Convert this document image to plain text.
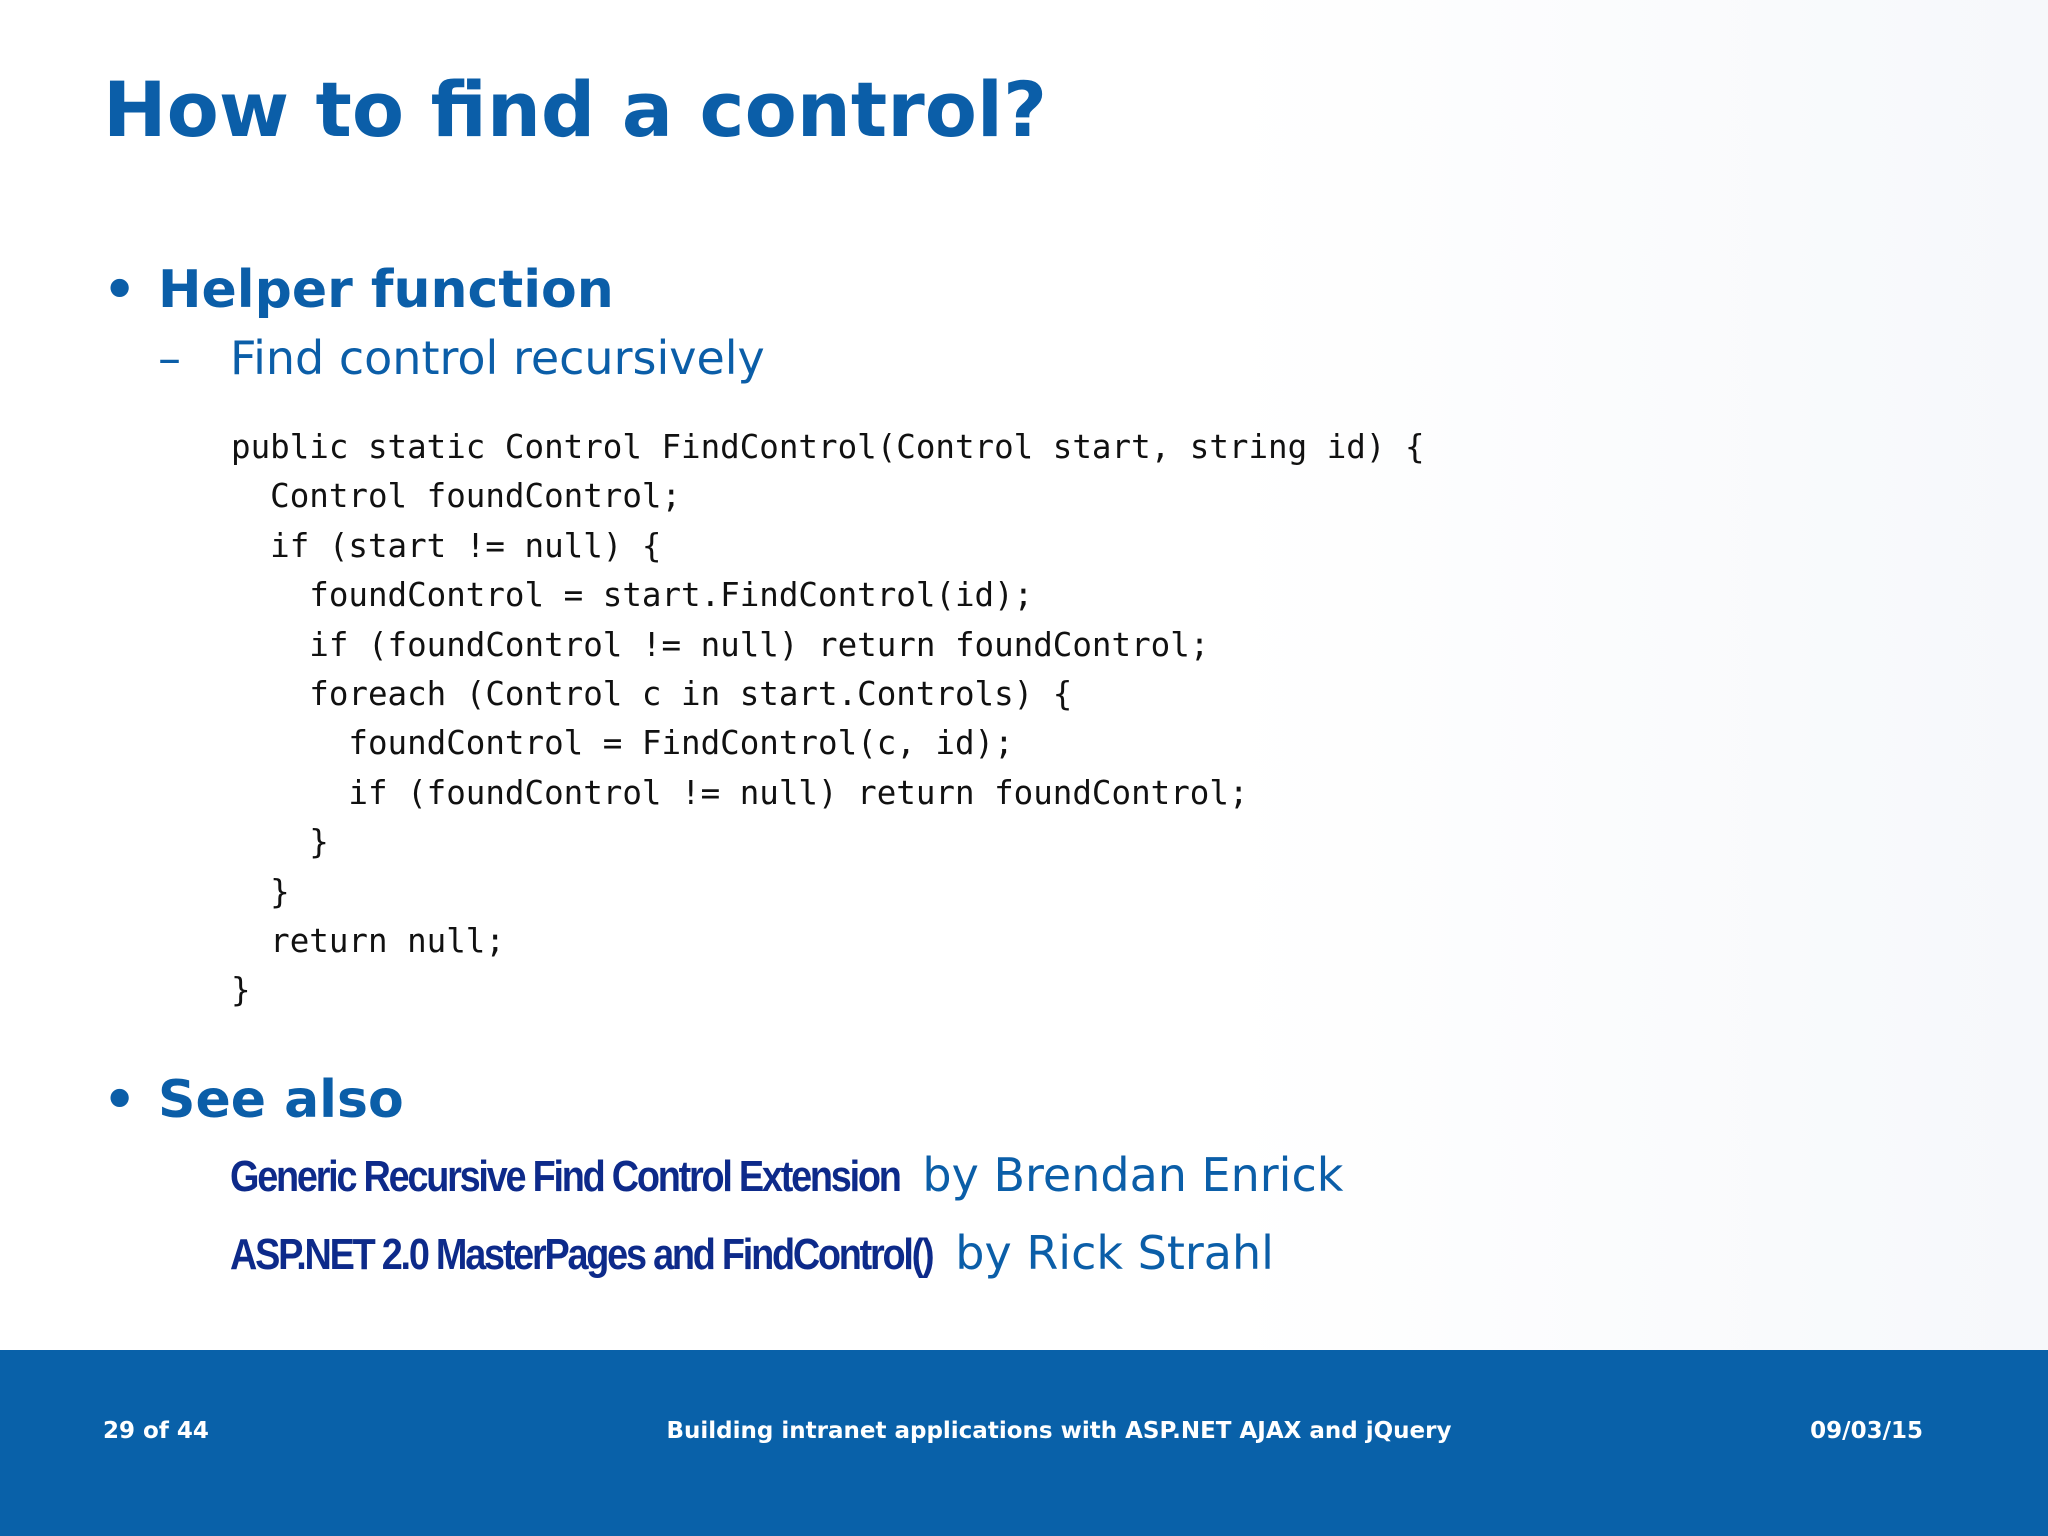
How to find a control?
• Helper function
– Find control recursively
public static Control FindControl(Control start, string id) {
Control foundControl;
if (start != null) {
foundControl = start.FindControl(id);
if (foundControl != null) return foundControl;
foreach (Control c in start.Controls) {
foundControl = FindControl(c, id);
if (foundControl != null) return foundControl;
}
}
return null;
}
• See also
Generic Recursive Find Control Extension by Brendan Enrick
ASP.NET 2.0 MasterPages and FindControl() by Rick Strahl
29 of 44	Building intranet applications with ASP.NET AJAX and jQuery	09/03/15
